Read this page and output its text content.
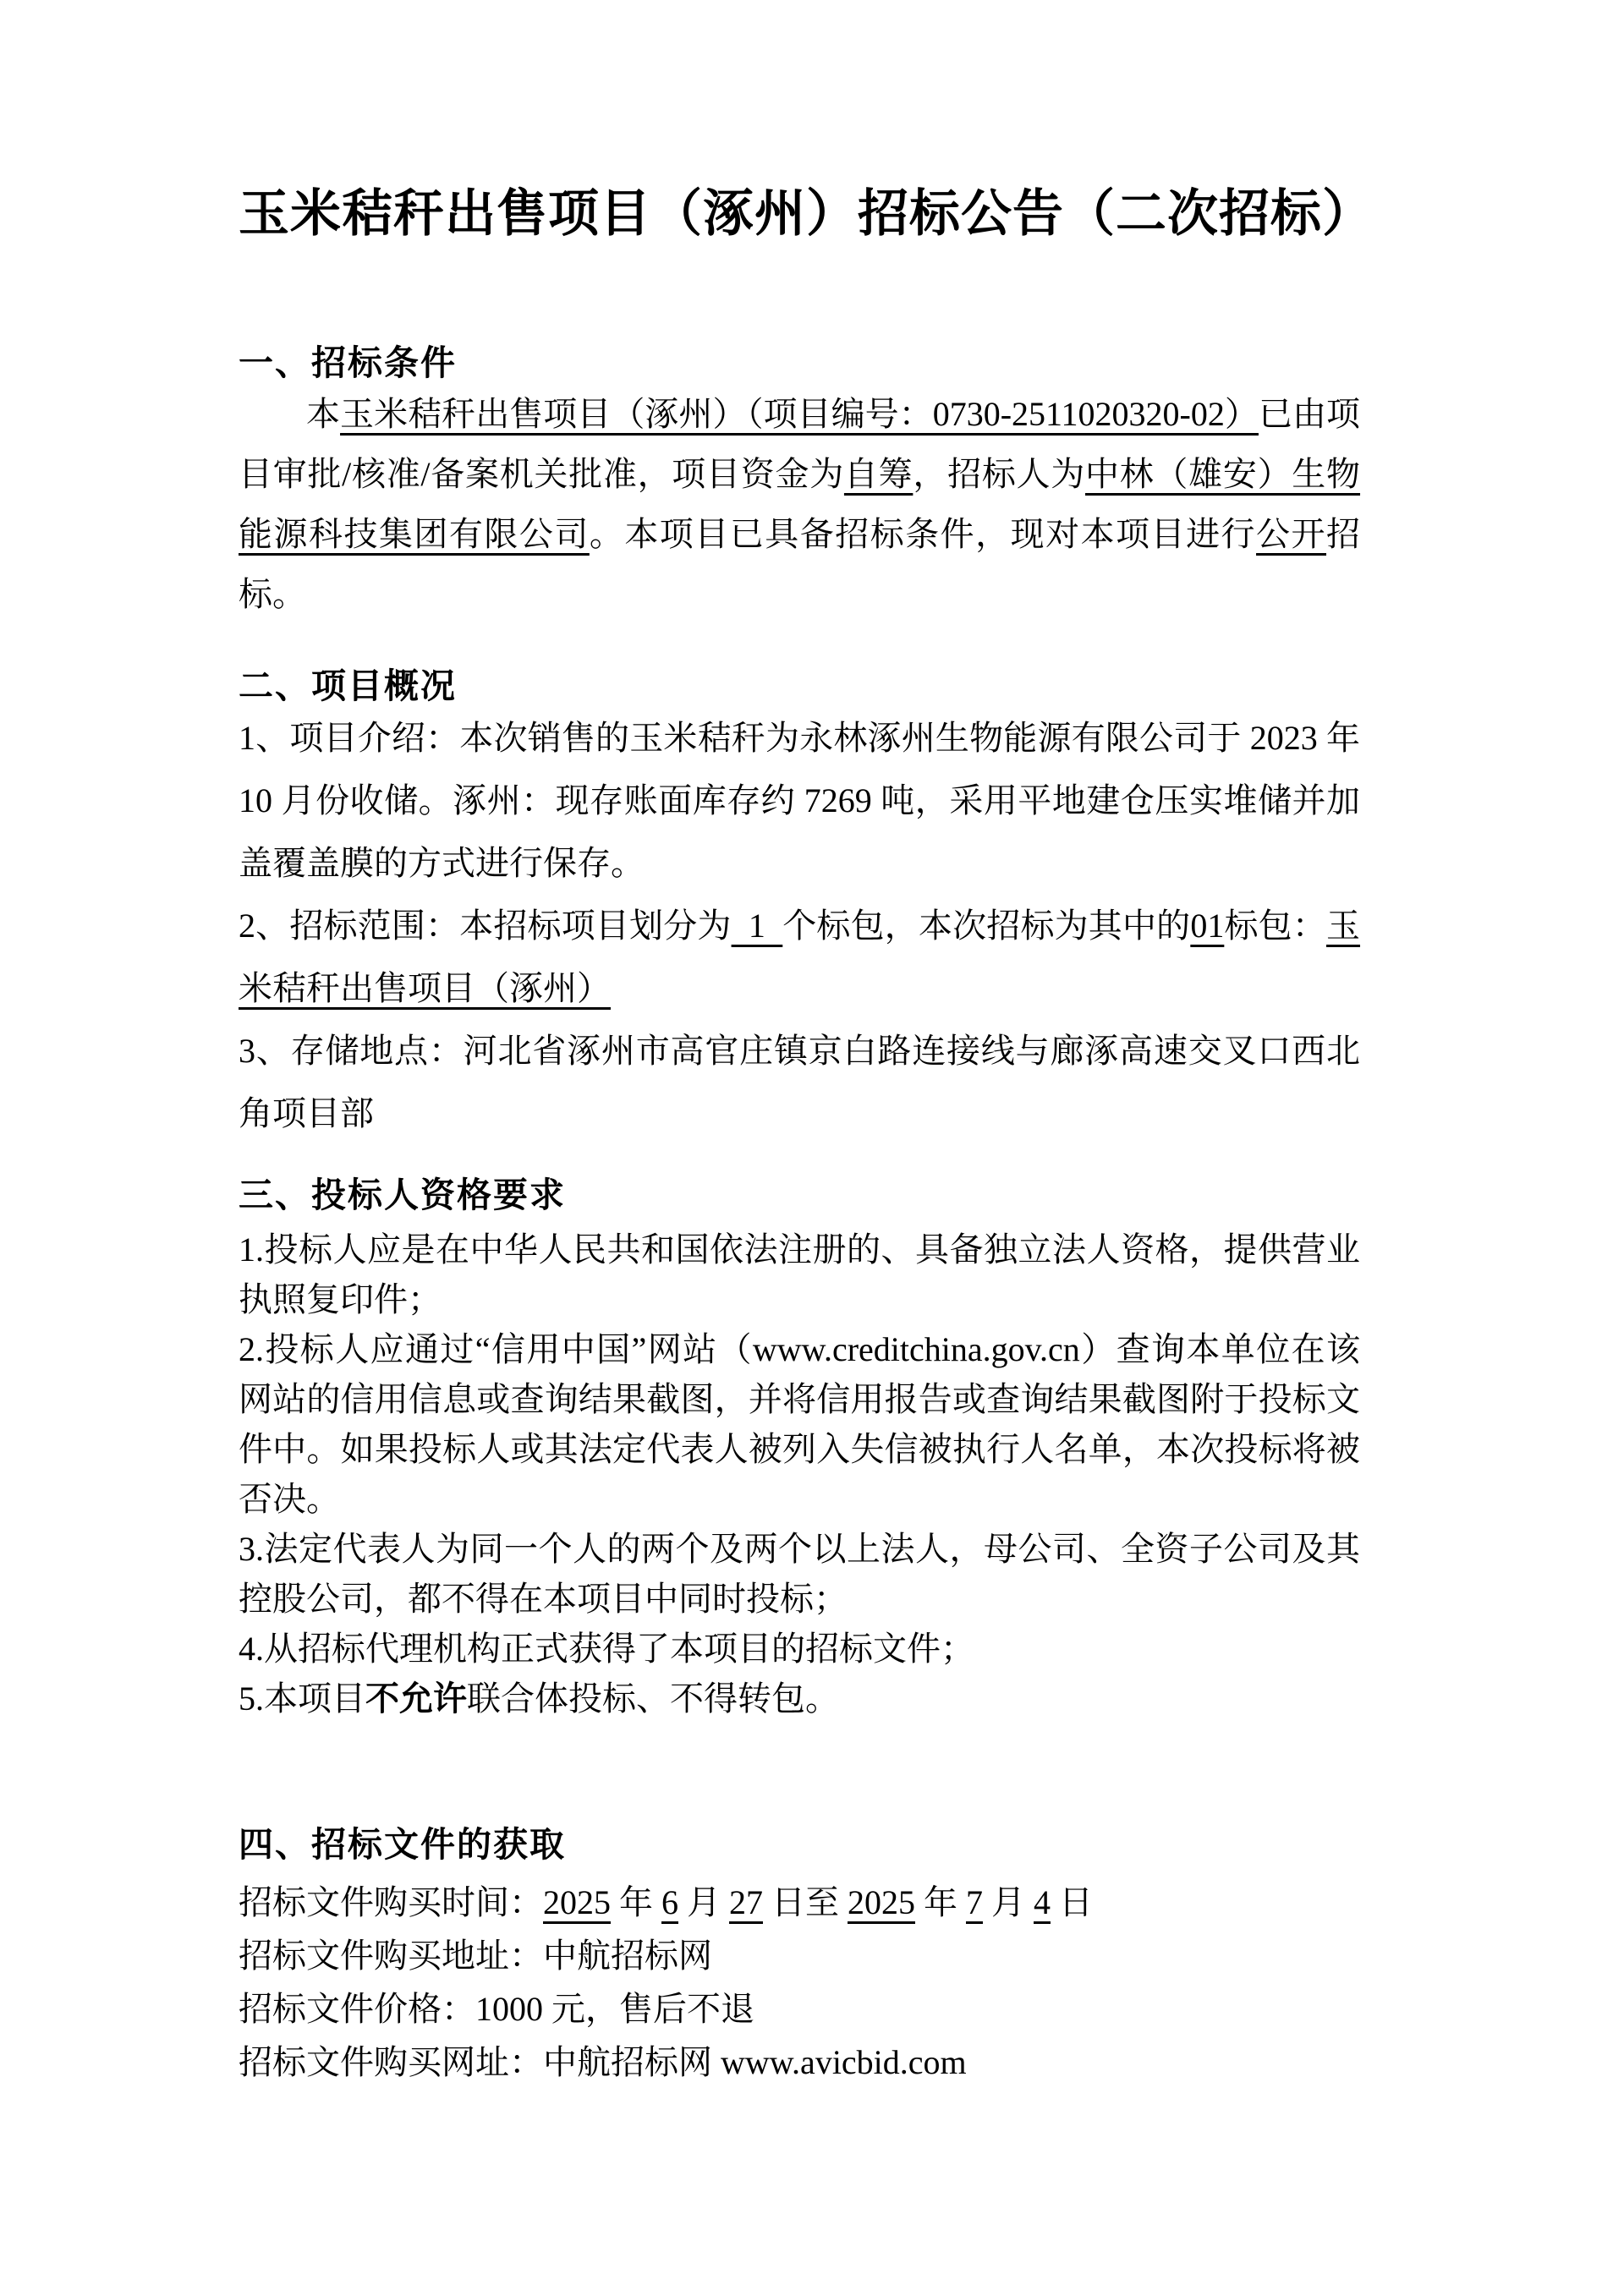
玉米秸秆出售项目（涿州）招标公告（二次招标）
一、招标条件

本玉米秸秆出售项目（涿州）（项目编号：0730-2511020320-02）已由项目审批/核准/备案机关批准，项目资金为自筹，招标人为中林（雄安）生物能源科技集团有限公司。本项目已具备招标条件，现对本项目进行公开招标。

二、项目概况

1、项目介绍：本次销售的玉米秸秆为永林涿州生物能源有限公司于 2023 年 10 月份收储。涿州：现存账面库存约 7269 吨，采用平地建仓压实堆储并加盖覆盖膜的方式进行保存。

2、招标范围：本招标项目划分为  1  个标包，本次招标为其中的01标包：玉米秸秆出售项目（涿州）

3、存储地点：河北省涿州市高官庄镇京白路连接线与廊涿高速交叉口西北角项目部

三、投标人资格要求

1.投标人应是在中华人民共和国依法注册的、具备独立法人资格，提供营业执照复印件；

2.投标人应通过“信用中国”网站（www.creditchina.gov.cn）查询本单位在该网站的信用信息或查询结果截图，并将信用报告或查询结果截图附于投标文件中。如果投标人或其法定代表人被列入失信被执行人名单，本次投标将被否决。

3.法定代表人为同一个人的两个及两个以上法人，母公司、全资子公司及其控股公司，都不得在本项目中同时投标；

4.从招标代理机构正式获得了本项目的招标文件；

5.本项目不允许联合体投标、不得转包。

四、招标文件的获取

招标文件购买时间：2025 年 6 月 27 日至 2025 年 7 月 4 日

招标文件购买地址：中航招标网

招标文件价格：1000 元，售后不退

招标文件购买网址：中航招标网 www.avicbid.com
